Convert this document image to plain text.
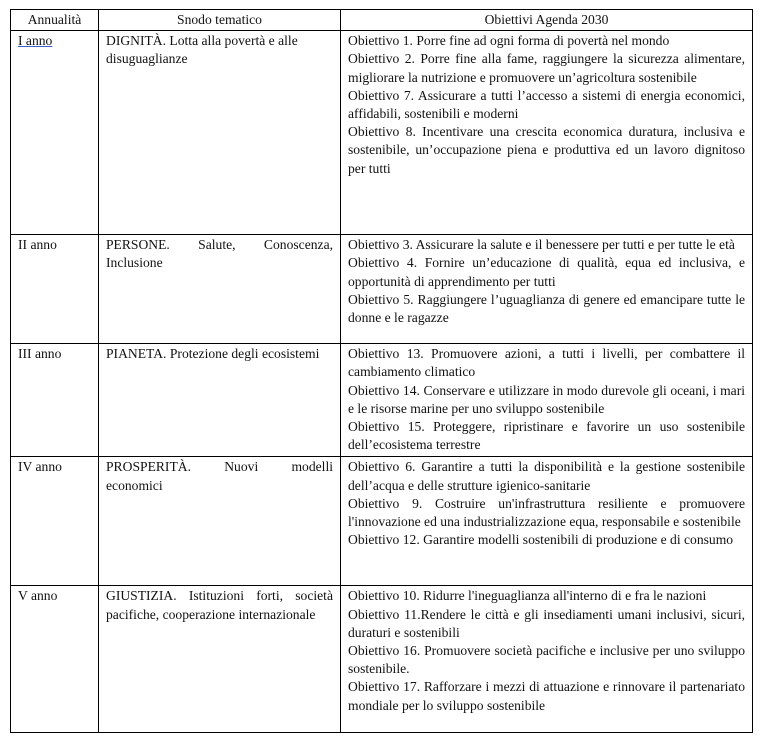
Annualità	Snodo tematico	Obiettivi Agenda 2030
I anno	DIGNITÀ. Lotta alla povertà e alle disuguaglianze	Obiettivo 1. Porre fine ad ogni forma di povertà nel mondo
Obiettivo 2. Porre fine alla fame, raggiungere la sicurezza alimentare, migliorare la nutrizione e promuovere un’agricoltura sostenibile
Obiettivo 7. Assicurare a tutti l’accesso a sistemi di energia economici, affidabili, sostenibili e moderni
Obiettivo 8. Incentivare una crescita economica duratura, inclusiva e sostenibile, un’occupazione piena e produttiva ed un lavoro dignitoso per tutti

II anno	PERSONE. Salute, Conoscenza, Inclusione	Obiettivo 3. Assicurare la salute e il benessere per tutti e per tutte le età
Obiettivo 4. Fornire un’educazione di qualità, equa ed inclusiva, e opportunità di apprendimento per tutti
Obiettivo 5. Raggiungere l’uguaglianza di genere ed emancipare tutte le donne e le ragazze

III anno	PIANETA. Protezione degli ecosistemi	Obiettivo 13. Promuovere azioni, a tutti i livelli, per combattere il cambiamento climatico
Obiettivo 14. Conservare e utilizzare in modo durevole gli oceani, i mari e le risorse marine per uno sviluppo sostenibile
Obiettivo 15. Proteggere, ripristinare e favorire un uso sostenibile dell’ecosistema terrestre

IV anno	PROSPERITÀ. Nuovi modelli economici	Obiettivo 6. Garantire a tutti la disponibilità e la gestione sostenibile dell’acqua e delle strutture igienico-sanitarie
Obiettivo 9. Costruire un'infrastruttura resiliente e promuovere l'innovazione ed una industrializzazione equa, responsabile e sostenibile
Obiettivo 12. Garantire modelli sostenibili di produzione e di consumo

V anno	GIUSTIZIA. Istituzioni forti, società pacifiche, cooperazione internazionale	Obiettivo 10. Ridurre l'ineguaglianza all'interno di e fra le nazioni
Obiettivo 11.Rendere le città e gli insediamenti umani inclusivi, sicuri, duraturi e sostenibili
Obiettivo 16. Promuovere società pacifiche e inclusive per uno sviluppo sostenibile.
Obiettivo 17. Rafforzare i mezzi di attuazione e rinnovare il partenariato mondiale per lo sviluppo sostenibile
